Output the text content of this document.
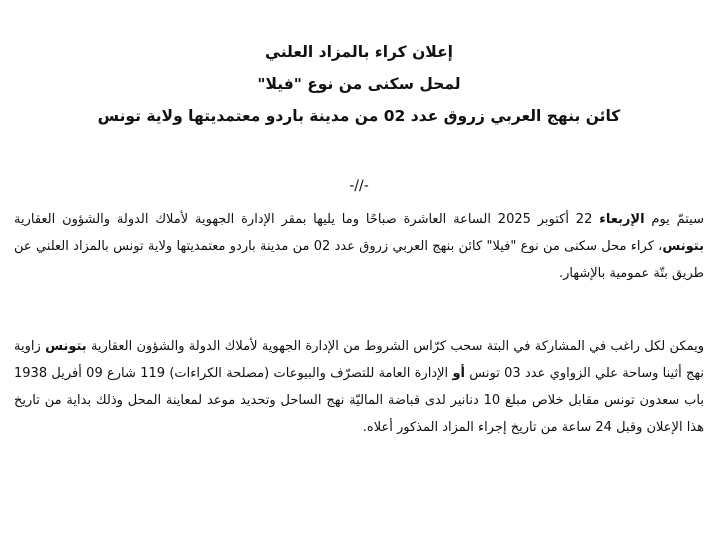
إعلان كراء بالمزاد العلني

لمحل سكنى من نوع "فيلا"

كائن بنهج العربي زروق عدد 02 من مدينة باردو معتمديتها ولاية تونس

-//-

سيتمّ يوم الإربعاء 22 أكتوبر 2025 الساعة العاشرة صباحًا وما يليها بمقر الإدارة الجهوية لأملاك الدولة والشؤون العقارية بتونس، كراء محل سكنى من نوع "فيلا" كائن بنهج العربي زروق عدد 02 من مدينة باردو معتمديتها ولاية تونس بالمزاد العلني عن طريق بتّة عمومية بالإشهار.

ويمكن لكل راغب في المشاركة في البتة سحب كرّاس الشروط من الإدارة الجهوية لأملاك الدولة والشؤون العقارية بتونس زاوية نهج أثينا وساحة علي الزواوي عدد 03 تونس أو الإدارة العامة للتصرّف والبيوعات (مصلحة الكراءات) 119 شارع 09 أفريل 1938 باب سعدون تونس مقابل خلاص مبلغ 10 دنانير لدى قباضة الماليّة نهج الساحل وتحديد موعد لمعاينة المحل وذلك بداية من تاريخ هذا الإعلان وقبل 24 ساعة من تاريخ إجراء المزاد المذكور أعلاه.
